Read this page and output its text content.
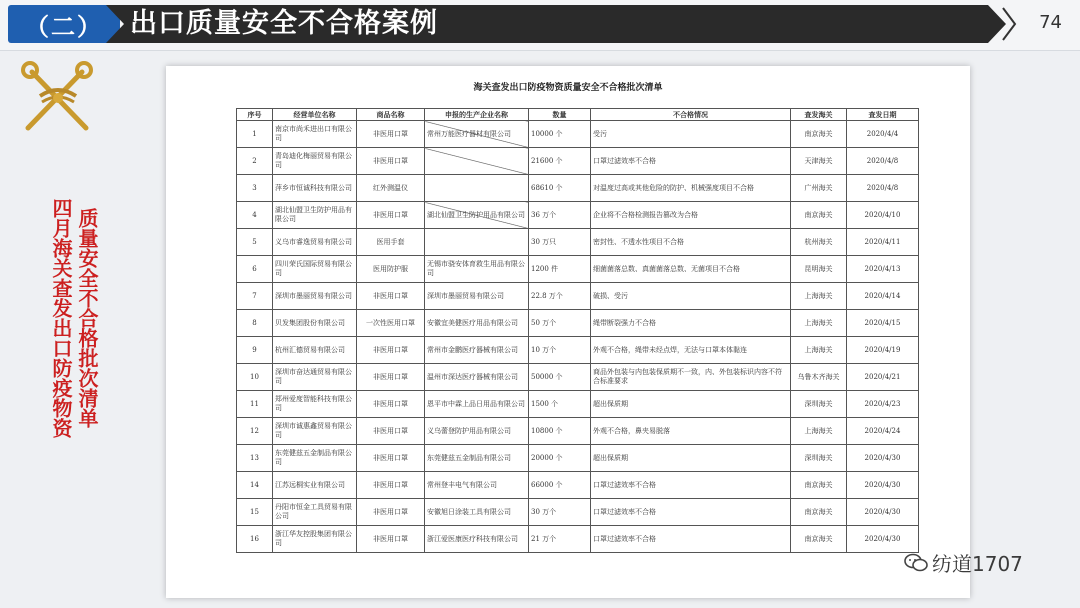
（二）	出口质量安全不合格案例	74
质量安全不合格批次清单
四月海关查发出口防疫物资
海关查发出口防疫物资质量安全不合格批次清单
序号	经营单位名称	商品名称	申报的生产企业名称	数量	不合格情况	查发海关	查发日期
1	南京市尚禾进出口有限公司	非医用口罩	常州万能医疗器材有限公司	10000 个	受污	南京海关	2020/4/4
2	青岛迪化梅丽贸易有限公司	非医用口罩		21600 个	口罩过滤效率不合格	天津海关	2020/4/8
3	萍乡市恒诚科技有限公司	红外测温仪		68610 个	对温度过高或其他危险的防护、机械强度项目不合格	广州海关	2020/4/8
4	湖北仙盟卫生防护用品有限公司	非医用口罩	湖北仙盟卫生防护用品有限公司	36 万个	企业将不合格检测报告篡改为合格	南京海关	2020/4/10
5	义乌市睿逸贸易有限公司	医用手套		30 万只	密封性、不透水性项目不合格	杭州海关	2020/4/11
6	四川荣氏国际贸易有限公司	医用防护服	无锡市骁安体育救生用品有限公司	1200 件	细菌菌落总数、真菌菌落总数、无菌项目不合格	昆明海关	2020/4/13
7	深圳市墨丽贸易有限公司	非医用口罩	深圳市墨丽贸易有限公司	22.8 万个	破损、受污	上海海关	2020/4/14
8	贝发集团股份有限公司	一次性医用口罩	安徽宜美健医疗用品有限公司	50 万个	绳带断裂强力不合格	上海海关	2020/4/15
9	杭州汇德贸易有限公司	非医用口罩	常州市金鹏医疗器械有限公司	10 万个	外观不合格，绳带未经点焊，无法与口罩本体黏连	上海海关	2020/4/19
10	深圳市奋达通贸易有限公司	非医用口罩	温州市深达医疗器械有限公司	50000 个	商品外包装与内包装保质期不一致，内、外包装标识内容不符合标准要求	乌鲁木齐海关	2020/4/21
11	郑州爱度智能科技有限公司	非医用口罩	恩平市中霖上品日用品有限公司	1500 个	超出保质期	深圳海关	2020/4/23
12	深圳市诚惠鑫贸易有限公司	非医用口罩	义乌蕾登防护用品有限公司	10800 个	外观不合格，鼻夹易脱落	上海海关	2020/4/24
13	东莞健兹五金制品有限公司	非医用口罩	东莞健兹五金制品有限公司	20000 个	超出保质期	深圳海关	2020/4/30
14	江苏远桐实业有限公司	非医用口罩	常州登丰电气有限公司	66000 个	口罩过滤效率不合格	南京海关	2020/4/30
15	丹阳市恒金工具贸易有限公司	非医用口罩	安徽旭日涂装工具有限公司	30 万个	口罩过滤效率不合格	南京海关	2020/4/30
16	浙江华友控股集团有限公司	非医用口罩	浙江爱医康医疗科技有限公司	21 万个	口罩过滤效率不合格	南京海关	2020/4/30
纺道1707
